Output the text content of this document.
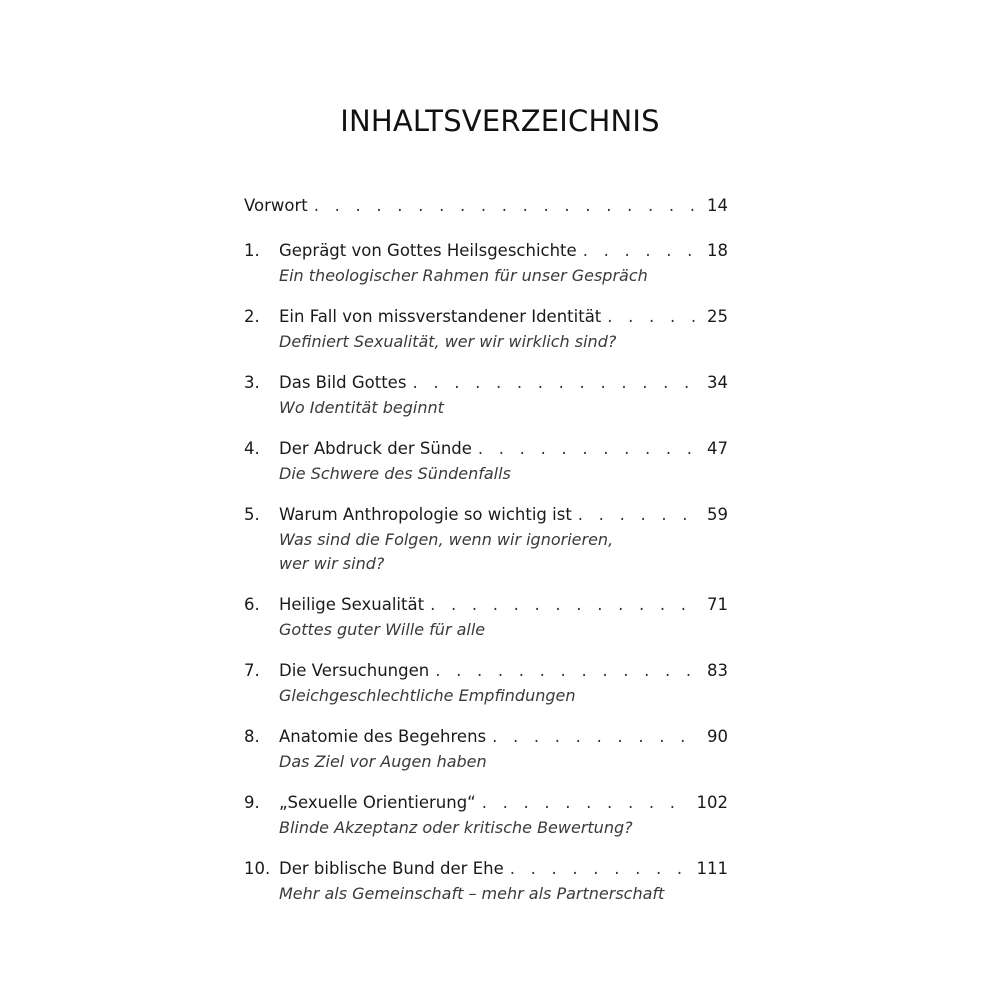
INHALTSVERZEICHNIS
Vorwort . . .	14
1.	Geprägt von Gottes Heilsgeschichte . . .	18
Ein theologischer Rahmen für unser Gespräch
2.	Ein Fall von missverstandener Identität . . .	25
Definiert Sexualität, wer wir wirklich sind?
3.	Das Bild Gottes . . .	34
Wo Identität beginnt
4.	Der Abdruck der Sünde . . .	47
Die Schwere des Sündenfalls
5.	Warum Anthropologie so wichtig ist . . .	59
Was sind die Folgen, wenn wir ignorieren,
wer wir sind?
6.	Heilige Sexualität . . .	71
Gottes guter Wille für alle
7.	Die Versuchungen . . .	83
Gleichgeschlechtliche Empfindungen
8.	Anatomie des Begehrens . . .	90
Das Ziel vor Augen haben
9.	„Sexuelle Orientierung“ . . .	102
Blinde Akzeptanz oder kritische Bewertung?
10. Der biblische Bund der Ehe . . .	111
Mehr als Gemeinschaft – mehr als Partnerschaft
